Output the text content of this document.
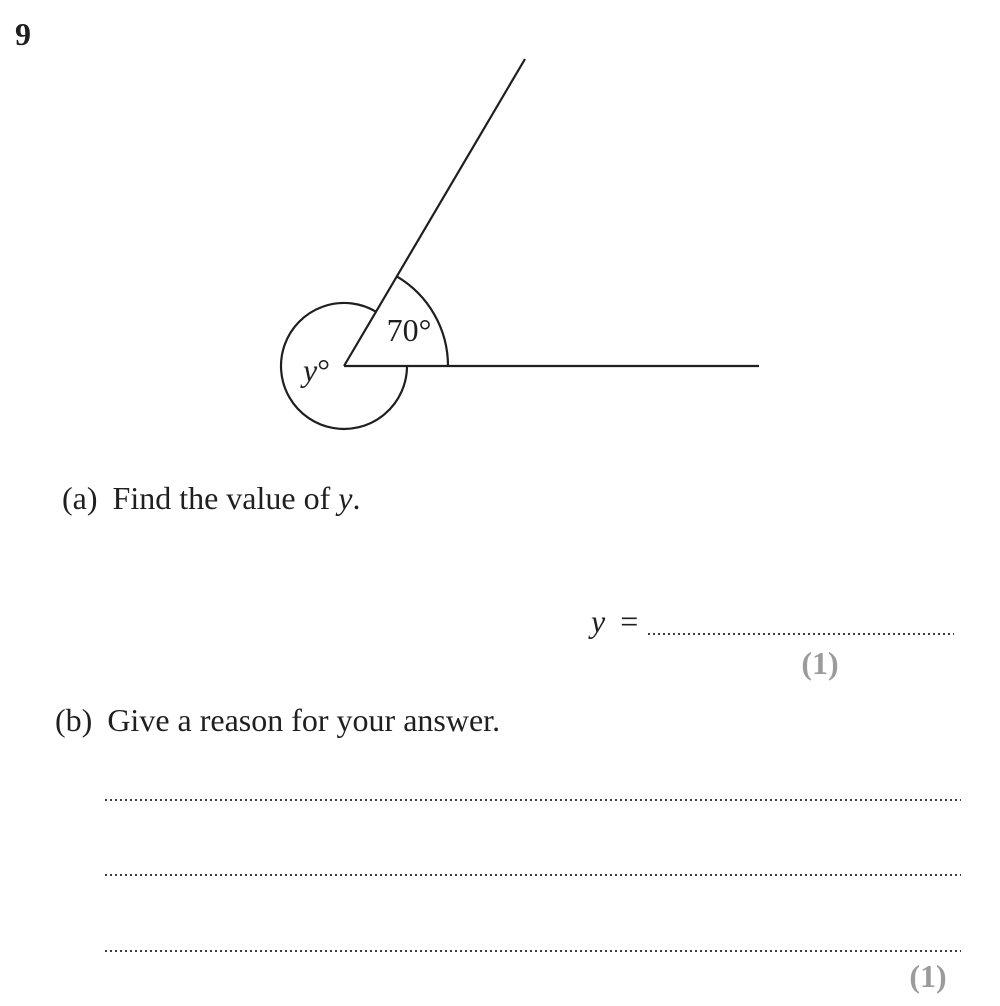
9
70°
y°
(a) Find the value of y.
y =
(1)
(b) Give a reason for your answer.
(1)
